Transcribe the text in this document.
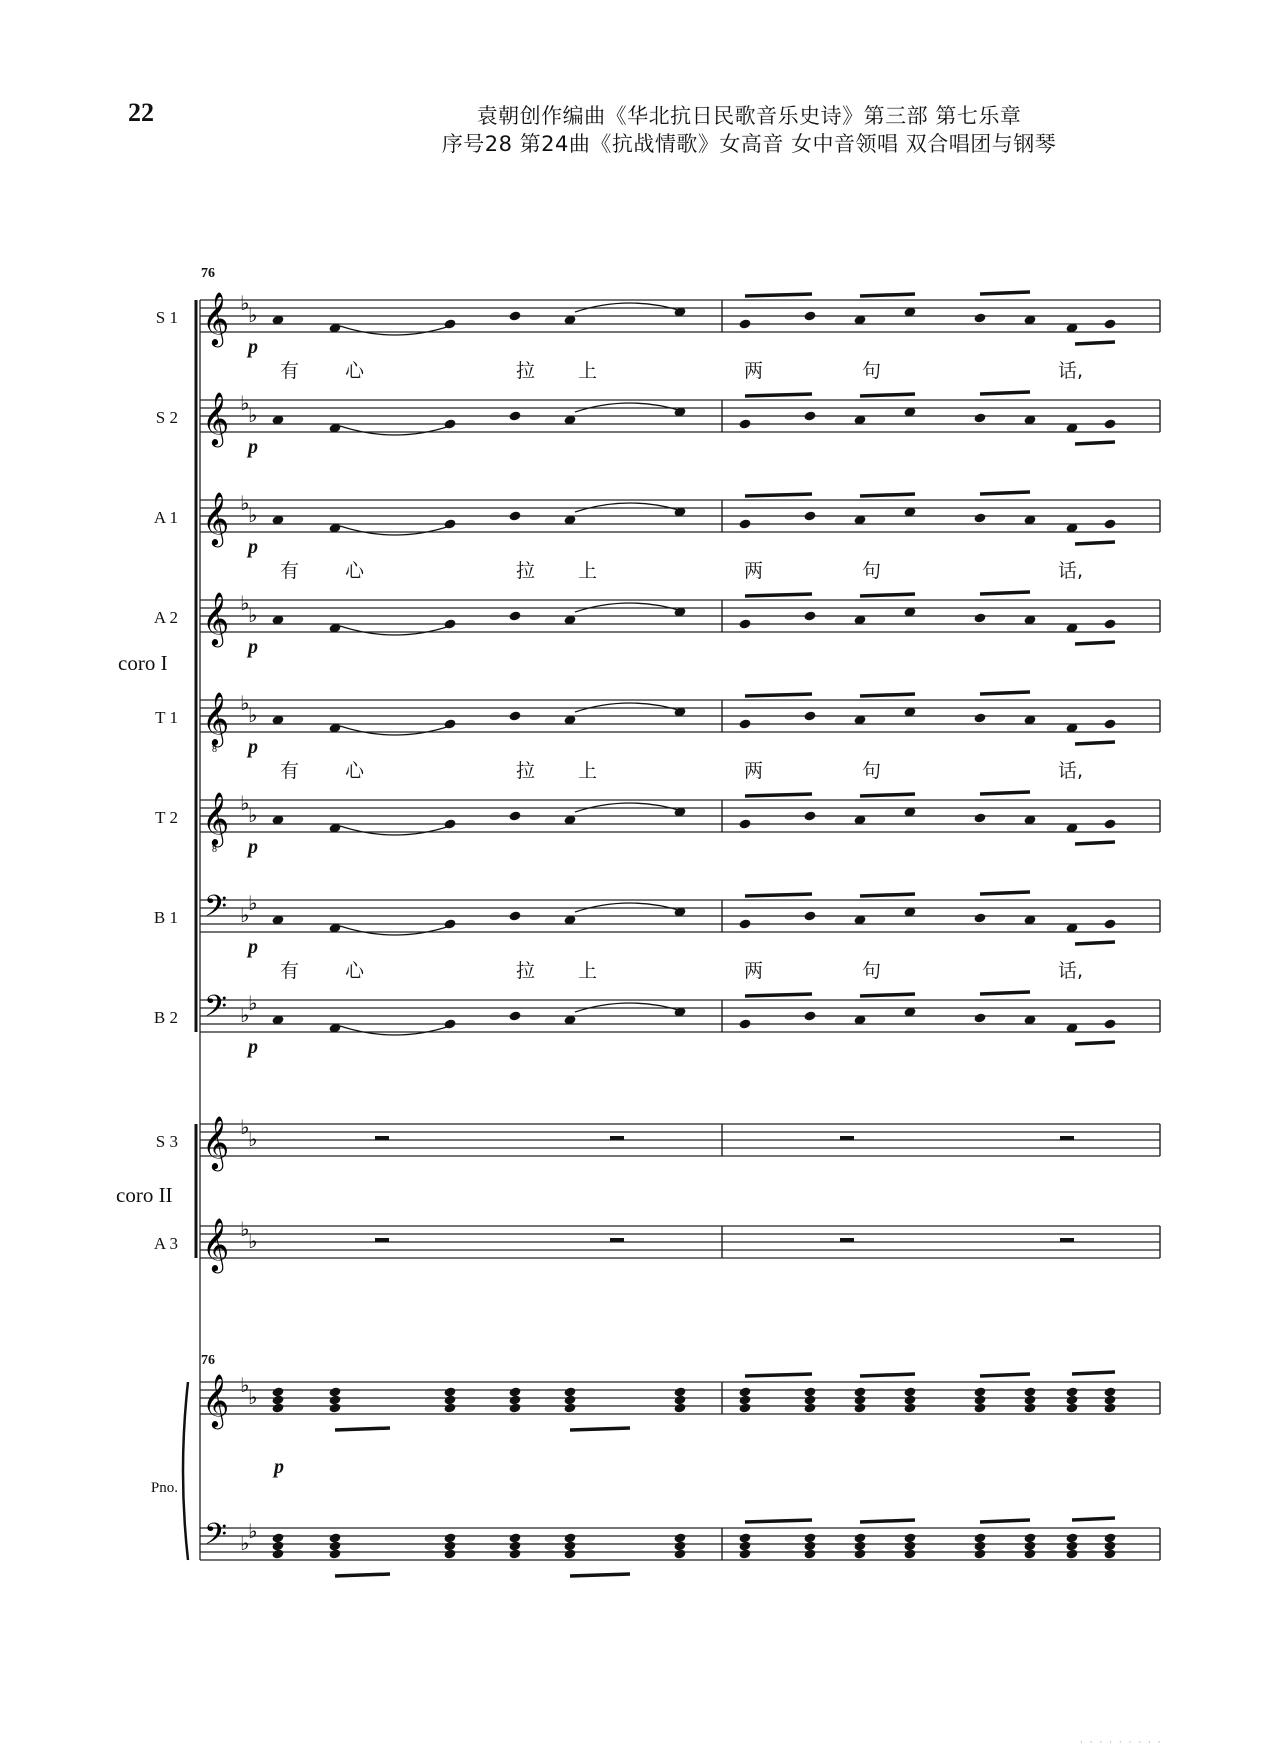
22	袁朝创作编曲《华北抗日民歌音乐史诗》第三部 第七乐章
序号28 第24曲《抗战情歌》女高音 女中音领唱 双合唱团与钢琴
𝄞 ♭
♭
𝄞 ♭
♭
𝄞 ♭
♭
𝄞 ♭
♭
𝄞
8
♭
♭
𝄞
8
♭
♭
𝄢 ♭
♭
𝄢 ♭
♭
𝄞 ♭
♭
𝄞 ♭
♭
𝄞 ♭
♭
𝄢 ♭
♭
76
76
coro I
coro II
Pno.
S 1
p
有 心	拉 上	两	句	话,
S 2
p
A 1
p
有 心	拉 上	两	句	话,
A 2
p
T 1
p
有 心	拉 上	两	句	话,
T 2
p
B 1
p
有 心	拉 上	两	句	话,
B 2
p
S 3
A 3
p
· · · · · · · · ·
